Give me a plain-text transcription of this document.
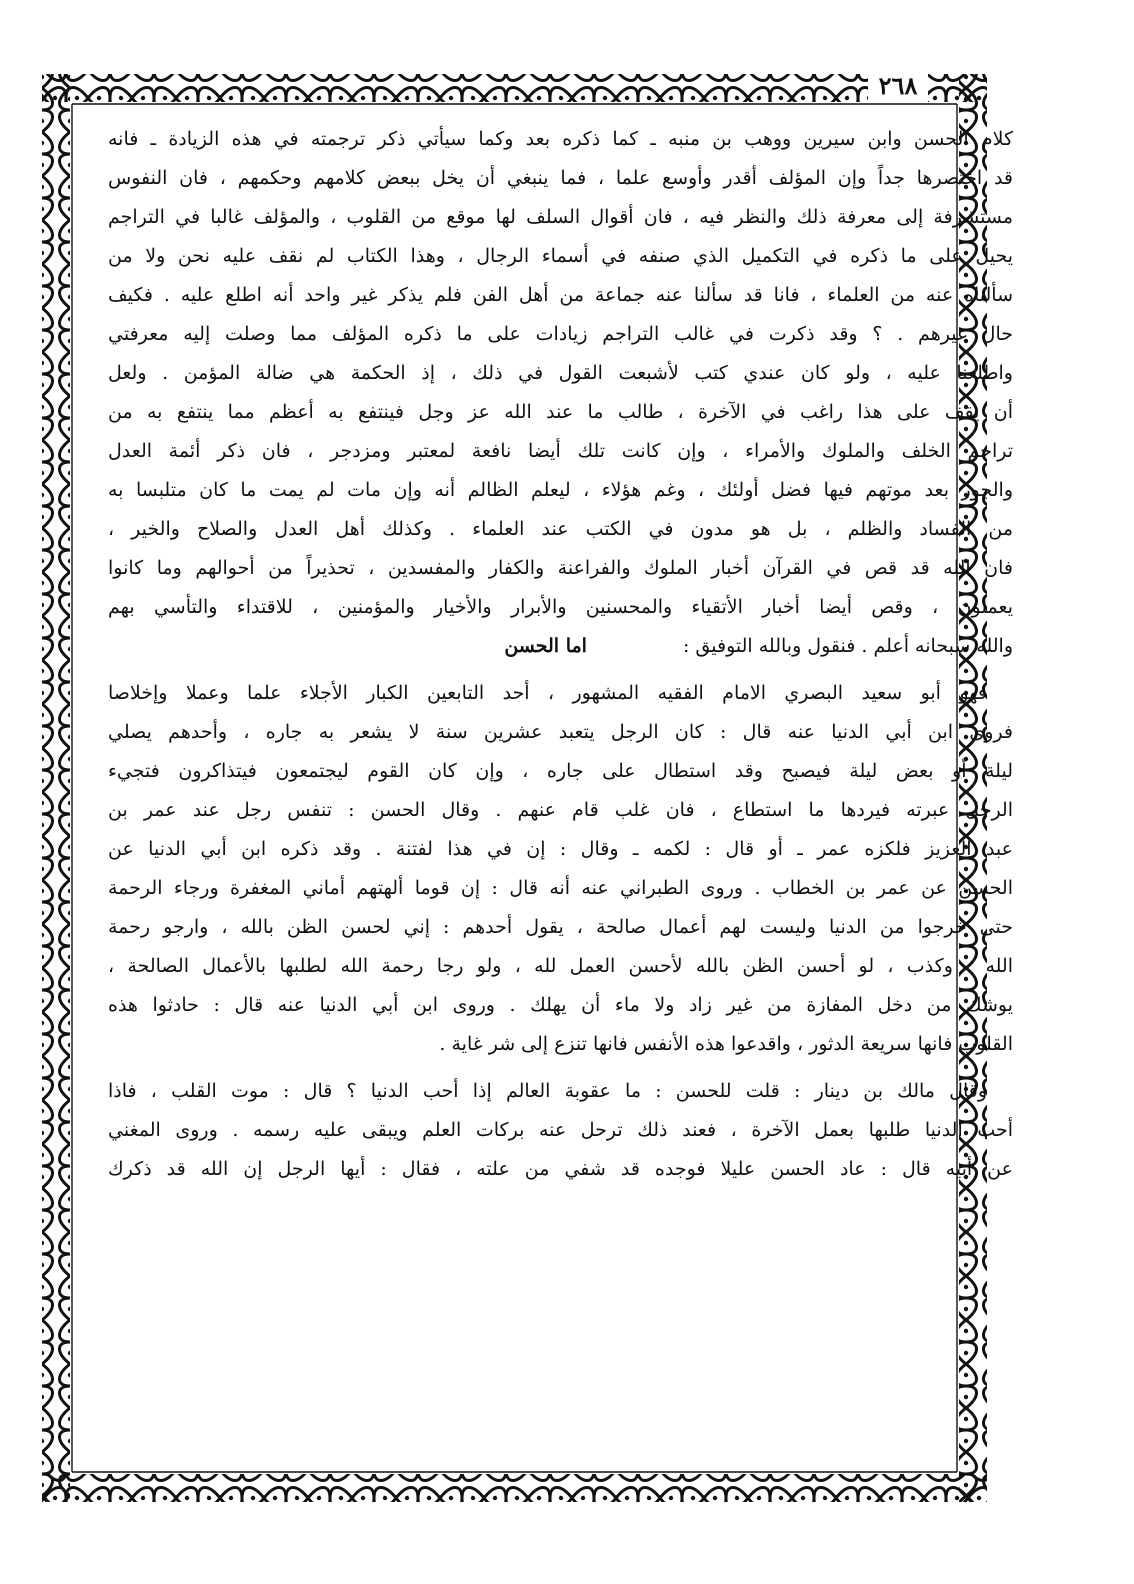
٢٦٨
كلام الحسن وابن سيرين ووهب بن منبه ـ كما ذكره بعد وكما سيأتي ذكر ترجمته في هذه الزيادة ـ فانه
قد اختصرها جداً وإن المؤلف أقدر وأوسع علما ، فما ينبغي أن يخل ببعض كلامهم وحكمهم ، فان النفوس
مستشرفة إلى معرفة ذلك والنظر فيه ، فان أقوال السلف لها موقع من القلوب ، والمؤلف غالبا في التراجم
يحيل على ما ذكره في التكميل الذي صنفه في أسماء الرجال ، وهذا الكتاب لم نقف عليه نحن ولا من
سألناه عنه من العلماء ، فانا قد سألنا عنه جماعة من أهل الفن فلم يذكر غير واحد أنه اطلع عليه . فكيف
حال غيرهم . ؟ وقد ذكرت في غالب التراجم زيادات على ما ذكره المؤلف مما وصلت إليه معرفتي
واطلعنا عليه ، ولو كان عندي كتب لأشبعت القول في ذلك ، إذ الحكمة هي ضالة المؤمن . ولعل
أن يقف على هذا راغب في الآخرة ، طالب ما عند الله عز وجل فينتفع به أعظم مما ينتفع به من
تراجم الخلف والملوك والأمراء ، وإن كانت تلك أيضا نافعة لمعتبر ومزدجر ، فان ذكر أئمة العدل
والجور بعد موتهم فيها فضل أولئك ، وغم هؤلاء ، ليعلم الظالم أنه وإن مات لم يمت ما كان متلبسا به
من الفساد والظلم ، بل هو مدون في الكتب عند العلماء . وكذلك أهل العدل والصلاح والخير ،
فان الله قد قص في القرآن أخبار الملوك والفراعنة والكفار والمفسدين ، تحذيراً من أحوالهم وما كانوا
يعملون ، وقص أيضا أخبار الأتقياء والمحسنين والأبرار والأخيار والمؤمنين ، للاقتداء والتأسي بهم
والله سبحانه أعلم . فنقول وبالله التوفيق : اما الحسن
فهو أبو سعيد البصري الامام الفقيه المشهور ، أحد التابعين الكبار الأجلاء علما وعملا وإخلاصا
فروى ابن أبي الدنيا عنه قال : كان الرجل يتعبد عشرين سنة لا يشعر به جاره ، وأحدهم يصلي
ليلة أو بعض ليلة فيصبح وقد استطال على جاره ، وإن كان القوم ليجتمعون فيتذاكرون فتجيء
الرجل عبرته فيردها ما استطاع ، فان غلب قام عنهم . وقال الحسن : تنفس رجل عند عمر بن
عبد العزيز فلكزه عمر ـ أو قال : لكمه ـ وقال : إن في هذا لفتنة . وقد ذكره ابن أبي الدنيا عن
الحسن عن عمر بن الخطاب . وروى الطبراني عنه أنه قال : إن قوما ألهتهم أماني المغفرة ورجاء الرحمة
حتى خرجوا من الدنيا وليست لهم أعمال صالحة ، يقول أحدهم : إني لحسن الظن بالله ، وارجو رحمة
الله . وكذب ، لو أحسن الظن بالله لأحسن العمل لله ، ولو رجا رحمة الله لطلبها بالأعمال الصالحة ،
يوشك من دخل المفازة من غير زاد ولا ماء أن يهلك . وروى ابن أبي الدنيا عنه قال : حادثوا هذه
القلوب فانها سريعة الدثور ، واقدعوا هذه الأنفس فانها تنزع إلى شر غاية .
وقال مالك بن دينار : قلت للحسن : ما عقوبة العالم إذا أحب الدنيا ؟ قال : موت القلب ، فاذا
أحب الدنيا طلبها بعمل الآخرة ، فعند ذلك ترحل عنه بركات العلم ويبقى عليه رسمه . وروى المغني
عن أبيه قال : عاد الحسن عليلا فوجده قد شفي من علته ، فقال : أيها الرجل إن الله قد ذكرك
